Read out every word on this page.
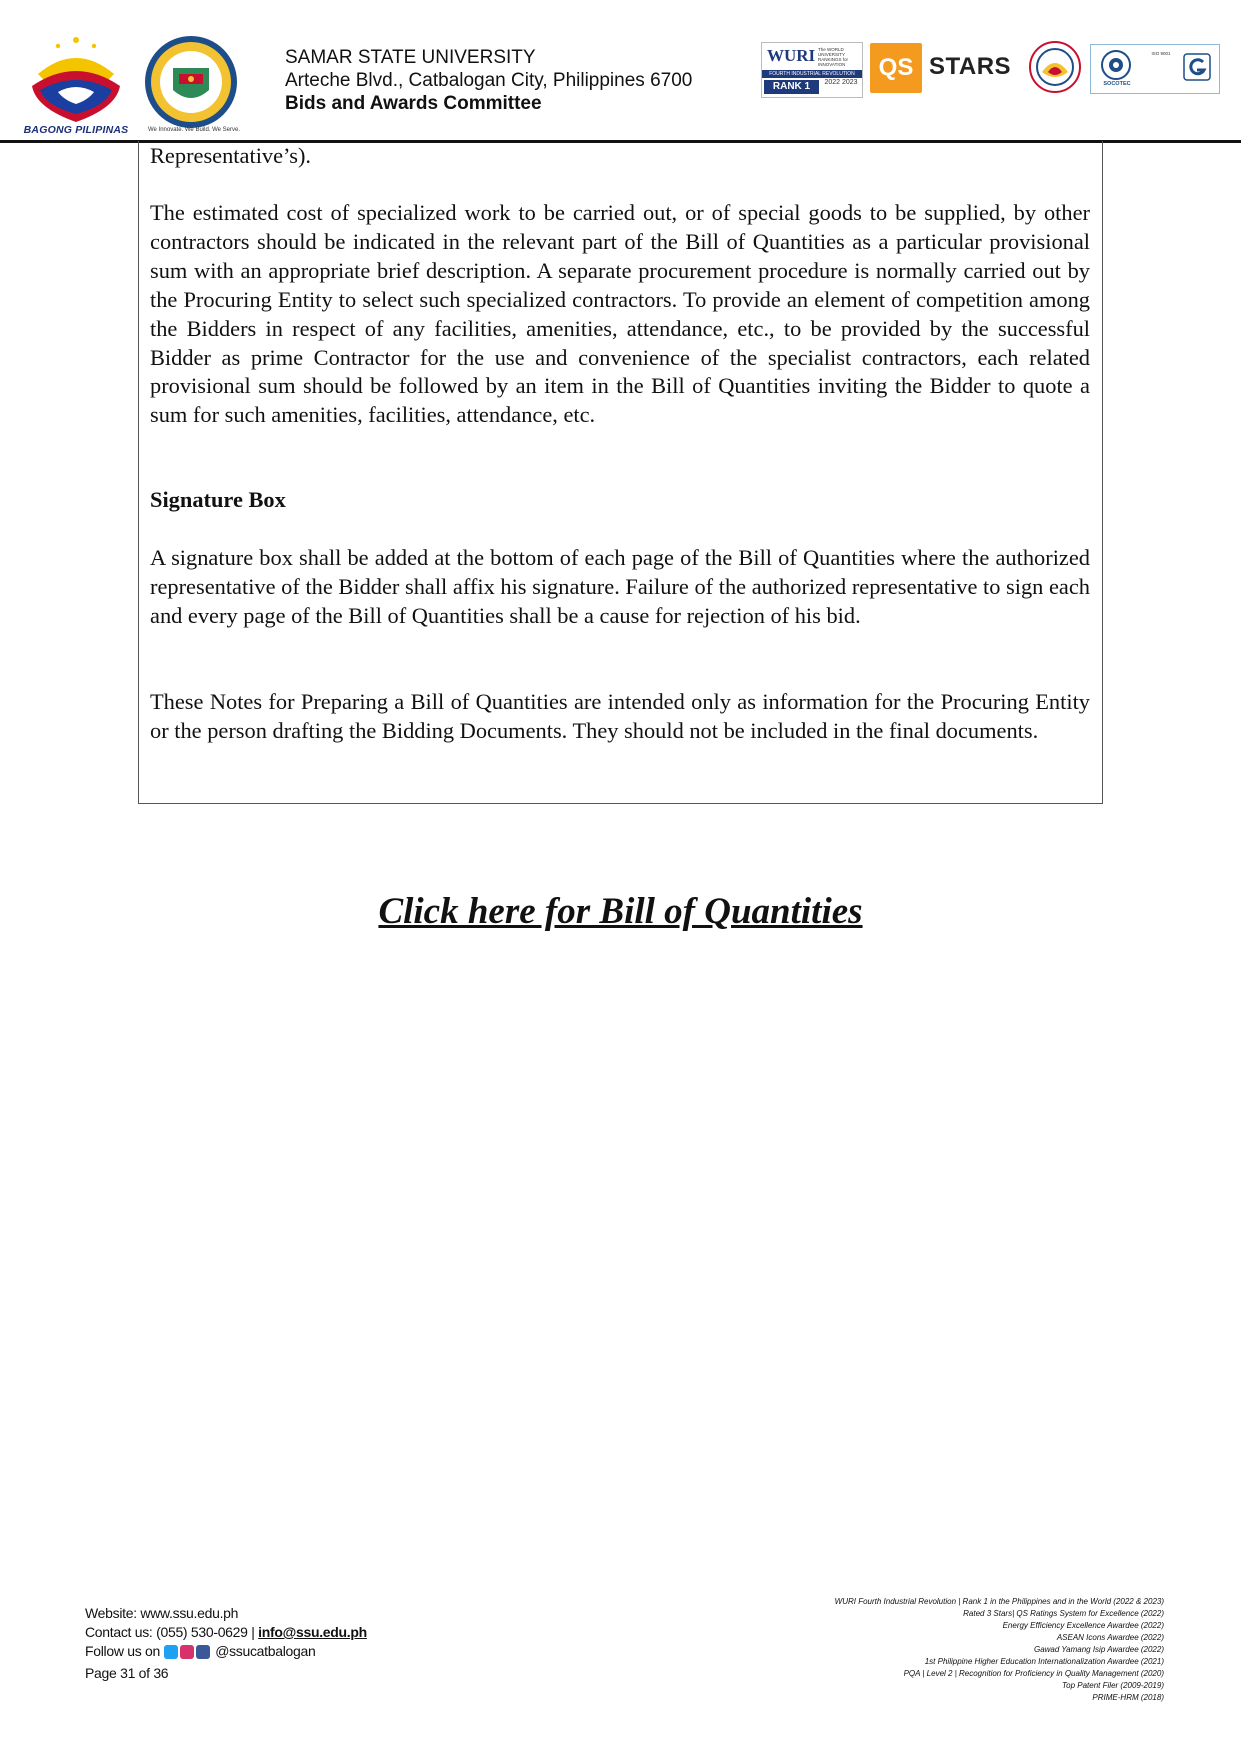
BAGONG PILIPINAS	We Innovate. We Build. We Serve.
SAMAR STATE UNIVERSITY
Arteche Blvd., Catbalogan City, Philippines 6700
Bids and Awards Committee
WURI The WORLD UNIVERSITY RANKINGS for INNOVATION
FOURTH INDUSTRIAL REVOLUTION
RANK 1	2022 2023
QS STARS
SOCOTEC
ISO 9001

Representative’s).

The estimated cost of specialized work to be carried out, or of special goods to be supplied, by other contractors should be indicated in the relevant part of the Bill of Quantities as a particular provisional sum with an appropriate brief description. A separate procurement procedure is normally carried out by the Procuring Entity to select such specialized contractors. To provide an element of competition among the Bidders in respect of any facilities, amenities, attendance, etc., to be provided by the successful Bidder as prime Contractor for the use and convenience of the specialist contractors, each related provisional sum should be followed by an item in the Bill of Quantities inviting the Bidder to quote a sum for such amenities, facilities, attendance, etc.

Signature Box

A signature box shall be added at the bottom of each page of the Bill of Quantities where the authorized representative of the Bidder shall affix his signature. Failure of the authorized representative to sign each and every page of the Bill of Quantities shall be a cause for rejection of his bid.

These Notes for Preparing a Bill of Quantities are intended only as information for the Procuring Entity or the person drafting the Bidding Documents. They should not be included in the final documents.

Click here for Bill of Quantities
Website: www.ssu.edu.ph
Contact us: (055) 530-0629 | info@ssu.edu.ph
Follow us on	@ssucatbalogan
Page 31 of 36
WURI Fourth Industrial Revolution | Rank 1 in the Philippines and in the World (2022 & 2023)
Rated 3 Stars| QS Ratings System for Excellence (2022)
Energy Efficiency Excellence Awardee (2022)
ASEAN Icons Awardee (2022)
Gawad Yamang Isip Awardee (2022)
1st Philippine Higher Education Internationalization Awardee (2021)
PQA | Level 2 | Recognition for Proficiency in Quality Management (2020)
Top Patent Filer (2009-2019)
PRIME-HRM (2018)
